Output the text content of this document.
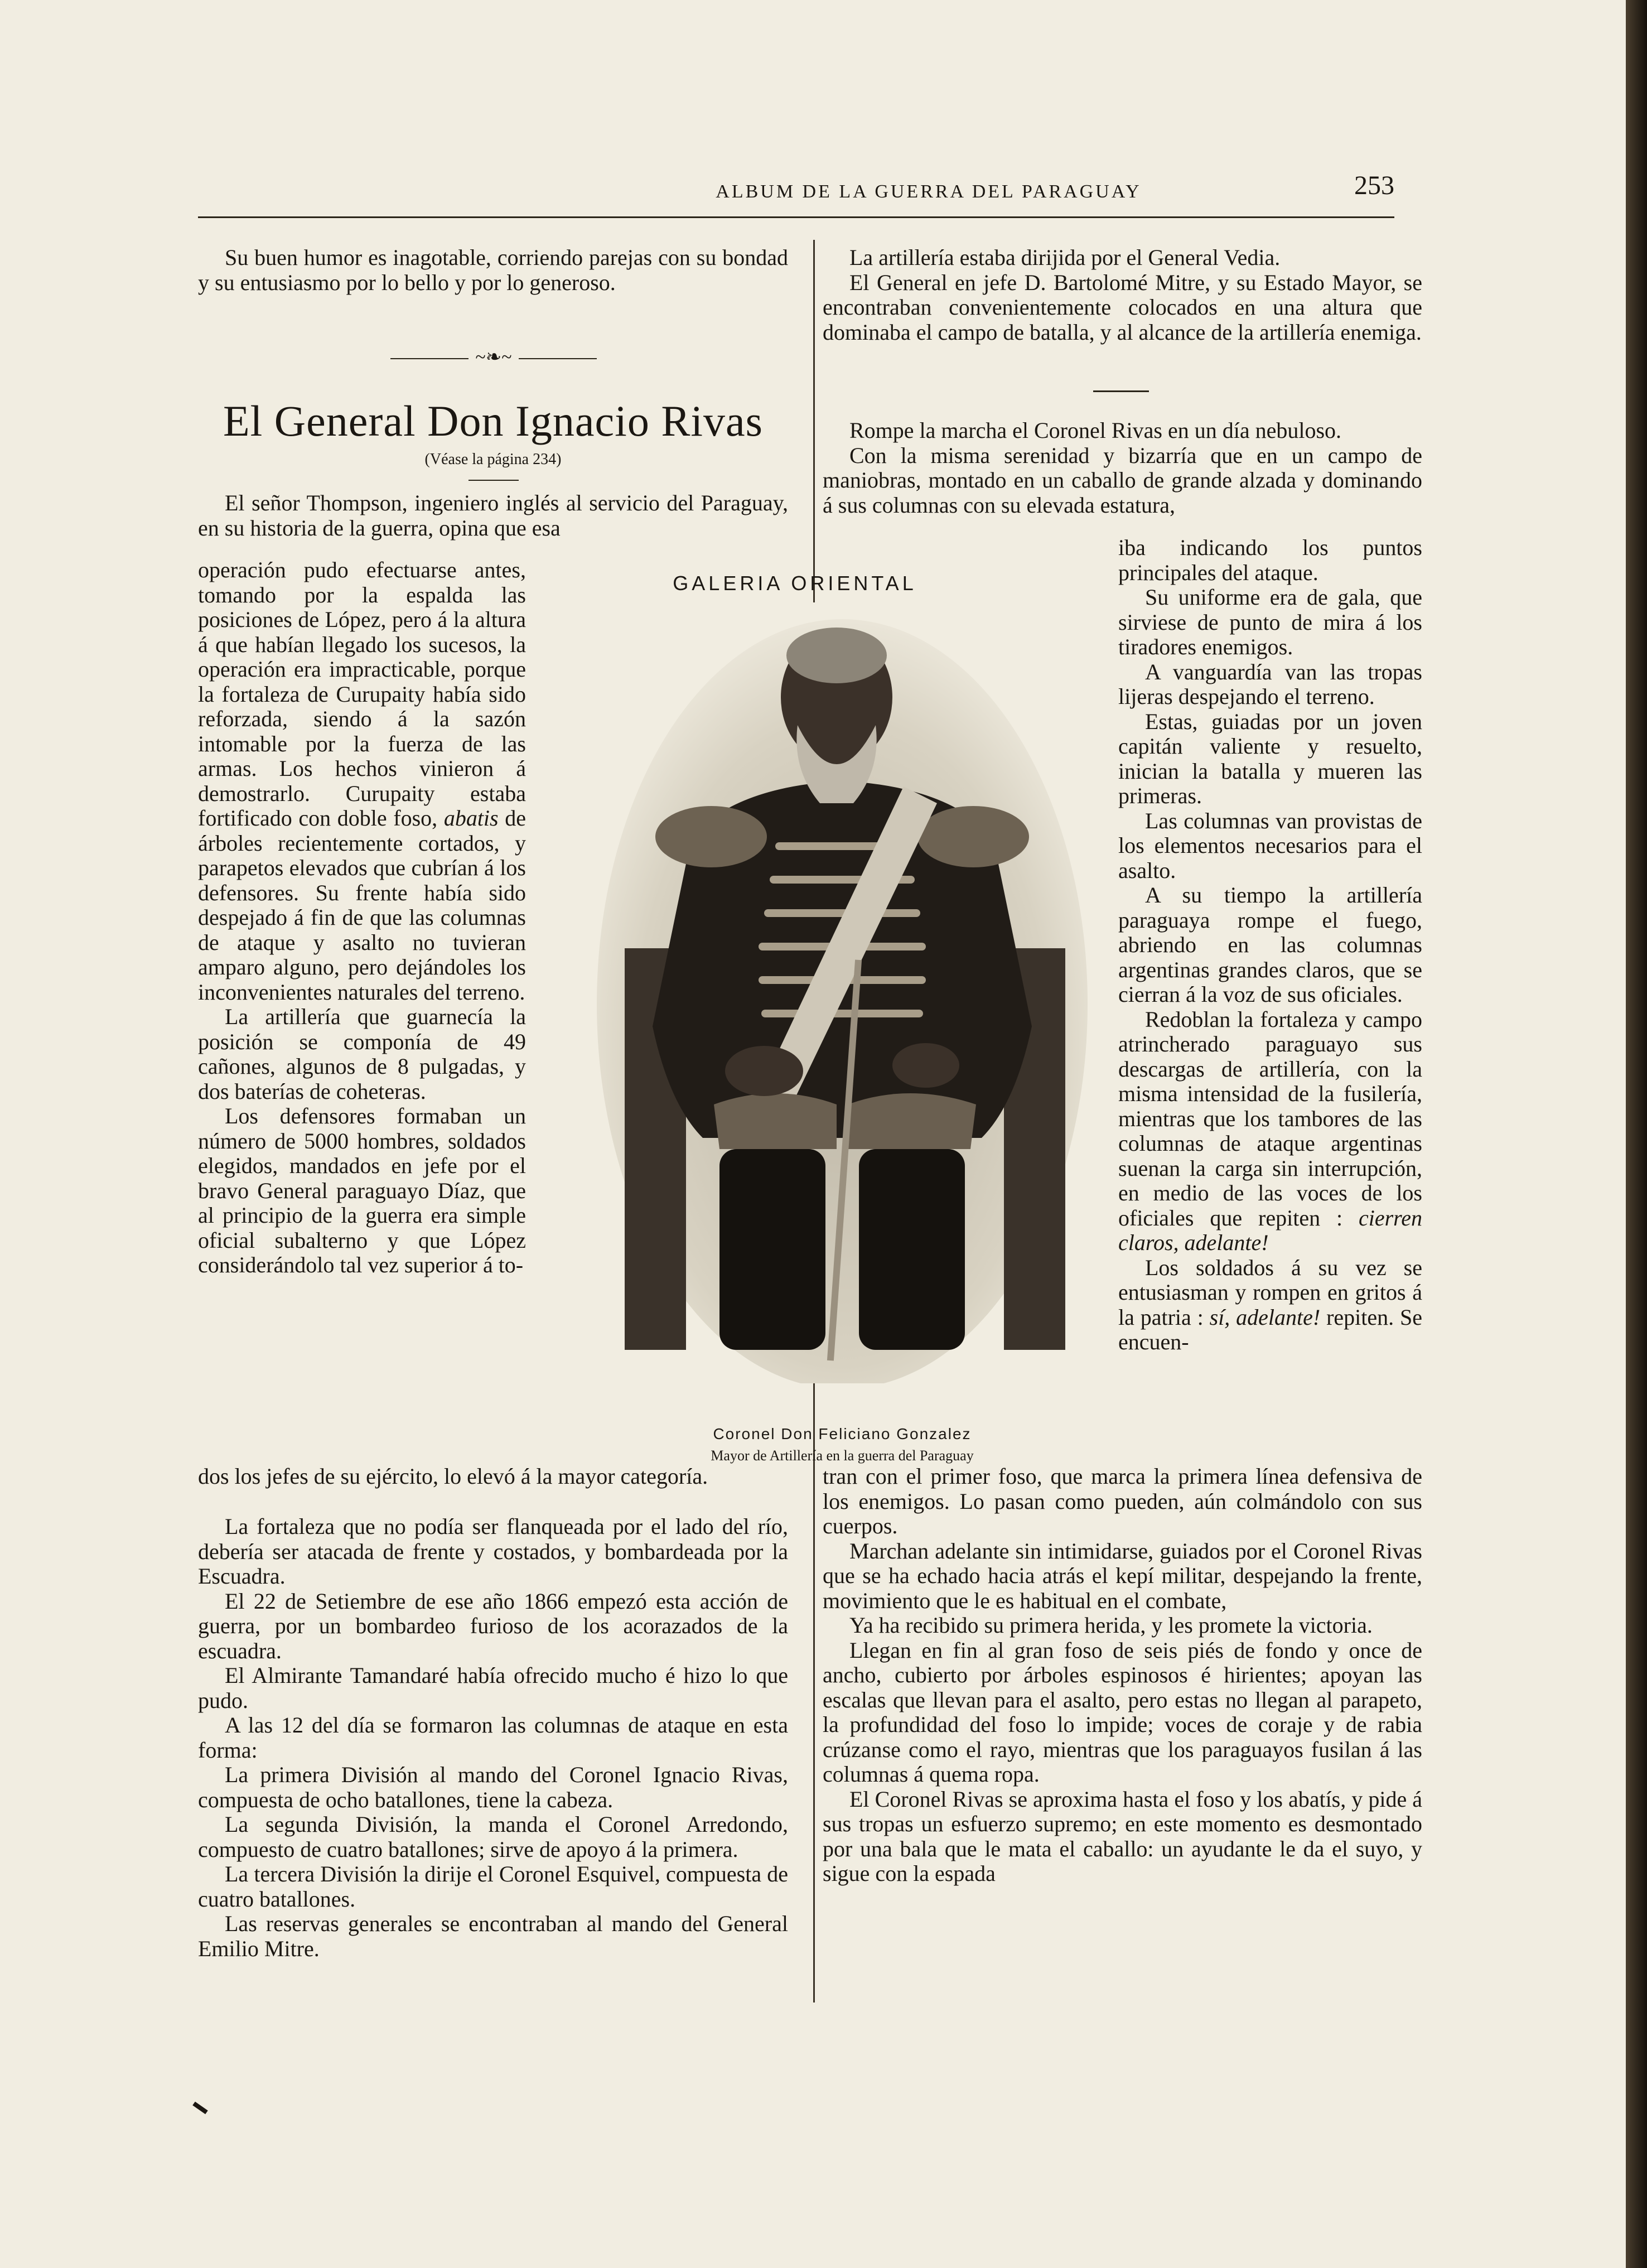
ALBUM DE LA GUERRA DEL PARAGUAY	253

Su buen humor es inagotable, corriendo parejas con su bondad y su entusiasmo por lo bello y por lo generoso.

~❧~
El General Don Ignacio Rivas
(Véase la página 234)

El señor Thompson, ingeniero inglés al servicio del Paraguay, en su historia de la guerra, opina que esa

operación pudo efectuarse antes, tomando por la espalda las posiciones de López, pero á la altura á que habían llegado los sucesos, la operación era impracticable, porque la fortaleza de Curupaity había sido reforzada, siendo á la sazón intomable por la fuerza de las armas. Los hechos vinieron á demostrarlo. Curupaity estaba fortificado con doble foso, abatis de árboles recientemente cortados, y parapetos elevados que cubrían á los defensores. Su frente había sido despejado á fin de que las columnas de ataque y asalto no tuvieran amparo alguno, pero dejándoles los inconvenientes naturales del terreno.

La artillería que guarnecía la posición se componía de 49 cañones, algunos de 8 pulgadas, y dos baterías de coheteras.

Los defensores formaban un número de 5000 hombres, soldados elegidos, mandados en jefe por el bravo General paraguayo Díaz, que al principio de la guerra era simple oficial subalterno y que López considerándolo tal vez superior á to-

dos los jefes de su ejército, lo elevó á la mayor categoría.

La fortaleza que no podía ser flanqueada por el lado del río, debería ser atacada de frente y costados, y bombardeada por la Escuadra.

El 22 de Setiembre de ese año 1866 empezó esta acción de guerra, por un bombardeo furioso de los acorazados de la escuadra.

El Almirante Tamandaré había ofrecido mucho é hizo lo que pudo.

A las 12 del día se formaron las columnas de ataque en esta forma:

La primera División al mando del Coronel Ignacio Rivas, compuesta de ocho batallones, tiene la cabeza.

La segunda División, la manda el Coronel Arredondo, compuesto de cuatro batallones; sirve de apoyo á la primera.

La tercera División la dirije el Coronel Esquivel, compuesta de cuatro batallones.

Las reservas generales se encontraban al mando del General Emilio Mitre.

La artillería estaba dirijida por el General Vedia.

El General en jefe D. Bartolomé Mitre, y su Estado Mayor, se encontraban convenientemente colocados en una altura que dominaba el campo de batalla, y al alcance de la artillería enemiga.

Rompe la marcha el Coronel Rivas en un día nebuloso.

Con la misma serenidad y bizarría que en un campo de maniobras, montado en un caballo de grande alzada y dominando á sus columnas con su elevada estatura,

iba indicando los puntos principales del ataque.

Su uniforme era de gala, que sirviese de punto de mira á los tiradores enemigos.

A vanguardía van las tropas lijeras despejando el terreno.

Estas, guiadas por un joven capitán valiente y resuelto, inician la batalla y mueren las primeras.

Las columnas van provistas de los elementos necesarios para el asalto.

A su tiempo la artillería paraguaya rompe el fuego, abriendo en las columnas argentinas grandes claros, que se cierran á la voz de sus oficiales.

Redoblan la fortaleza y campo atrincherado paraguayo sus descargas de artillería, con la misma intensidad de la fusilería, mientras que los tambores de las columnas de ataque argentinas suenan la carga sin interrupción, en medio de las voces de los oficiales que repiten : cierren claros, adelante!

Los soldados á su vez se entusiasman y rompen en gritos á la patria : sí, adelante! repiten. Se encuen-

tran con el primer foso, que marca la primera línea defensiva de los enemigos. Lo pasan como pueden, aún colmándolo con sus cuerpos.

Marchan adelante sin intimidarse, guiados por el Coronel Rivas que se ha echado hacia atrás el kepí militar, despejando la frente, movimiento que le es habitual en el combate,

Ya ha recibido su primera herida, y les promete la victoria.

Llegan en fin al gran foso de seis piés de fondo y once de ancho, cubierto por árboles espinosos é hirientes; apoyan las escalas que llevan para el asalto, pero estas no llegan al parapeto, la profundidad del foso lo impide; voces de coraje y de rabia crúzanse como el rayo, mientras que los paraguayos fusilan á las columnas á quema ropa.

El Coronel Rivas se aproxima hasta el foso y los abatís, y pide á sus tropas un esfuerzo supremo; en este momento es desmontado por una bala que le mata el caballo: un ayudante le da el suyo, y sigue con la espada

GALERIA ORIENTAL
Coronel Don Feliciano Gonzalez
Mayor de Artillería en la guerra del Paraguay
